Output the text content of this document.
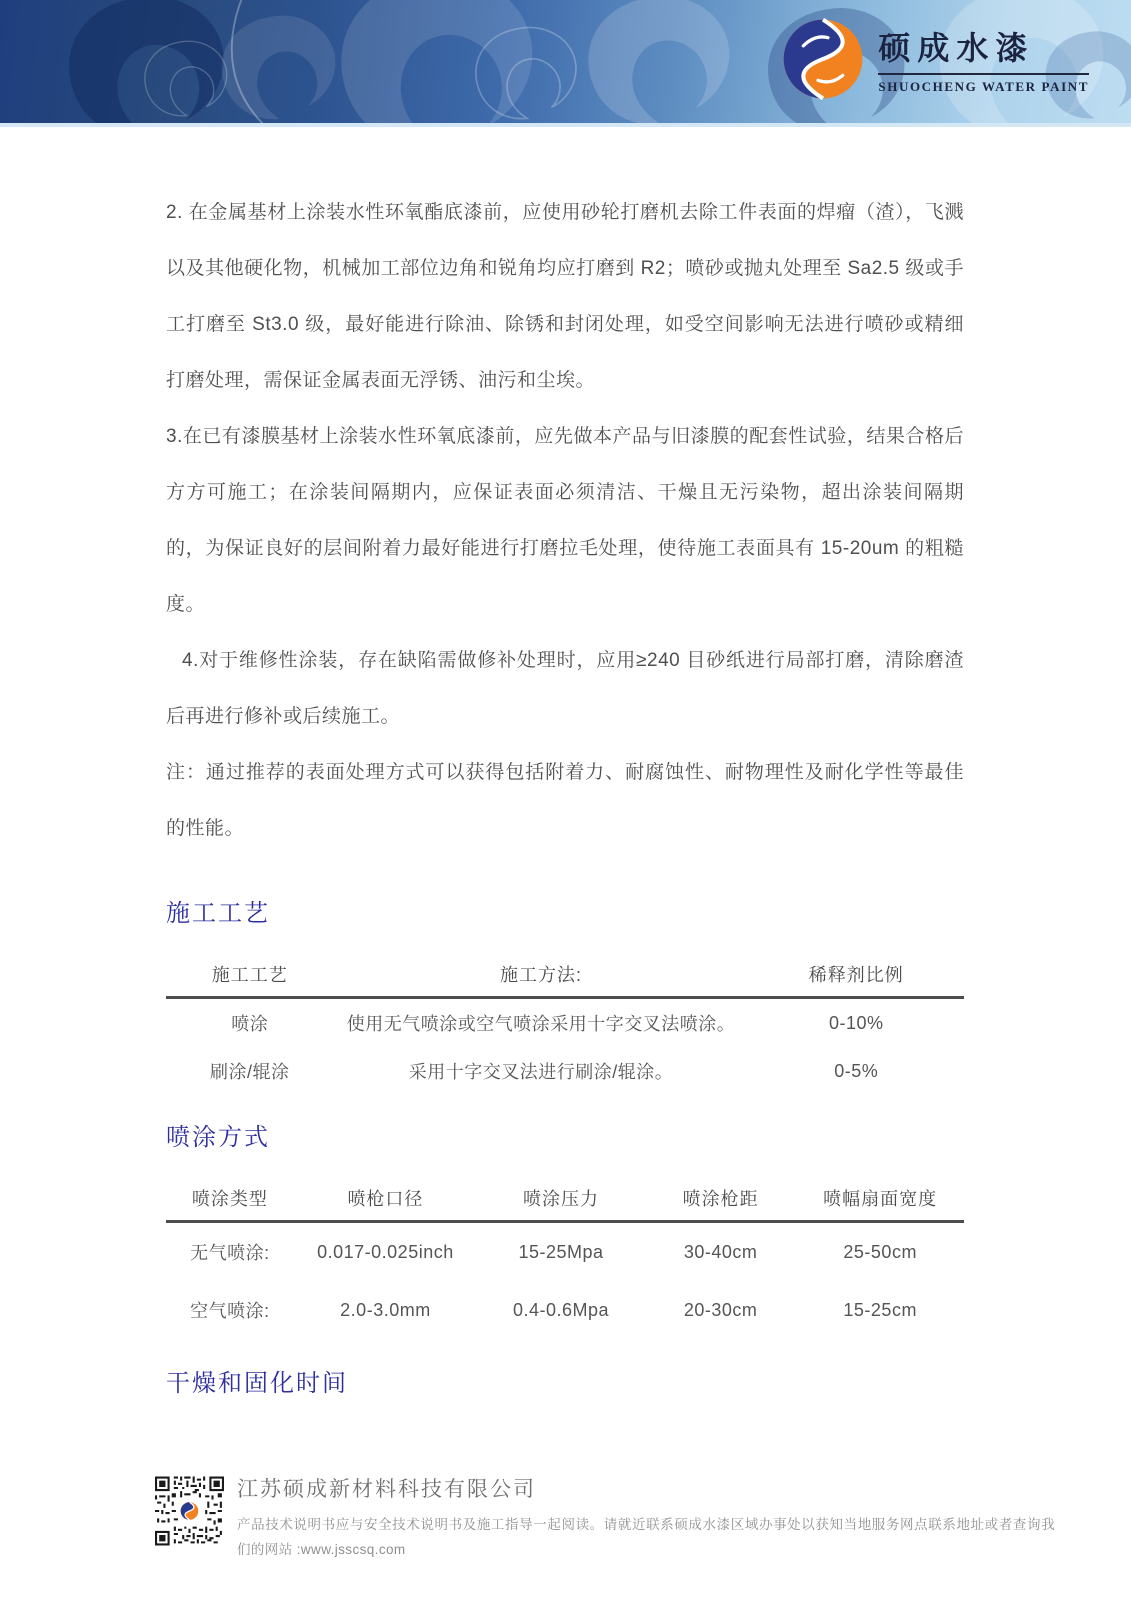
硕成水漆
SHUOCHENG WATER PAINT

2. 在金属基材上涂装水性环氧酯底漆前，应使用砂轮打磨机去除工件表面的焊瘤（渣），飞溅以及其他硬化物，机械加工部位边角和锐角均应打磨到 R2；喷砂或抛丸处理至 Sa2.5 级或手工打磨至 St3.0 级，最好能进行除油、除锈和封闭处理，如受空间影响无法进行喷砂或精细打磨处理，需保证金属表面无浮锈、油污和尘埃。

3.在已有漆膜基材上涂装水性环氧底漆前，应先做本产品与旧漆膜的配套性试验，结果合格后方方可施工；在涂装间隔期内，应保证表面必须清洁、干燥且无污染物，超出涂装间隔期的，为保证良好的层间附着力最好能进行打磨拉毛处理，使待施工表面具有 15-20um 的粗糙度。

4.对于维修性涂装，存在缺陷需做修补处理时，应用≥240 目砂纸进行局部打磨，清除磨渣后再进行修补或后续施工。

注：通过推荐的表面处理方式可以获得包括附着力、耐腐蚀性、耐物理性及耐化学性等最佳的性能。

施工工艺
施工工艺	施工方法:	稀释剂比例
喷涂	使用无气喷涂或空气喷涂采用十字交叉法喷涂。	0-10%
刷涂/辊涂	采用十字交叉法进行刷涂/辊涂。	0-5%
喷涂方式
喷涂类型	喷枪口径	喷涂压力	喷涂枪距	喷幅扇面宽度
无气喷涂:	0.017-0.025inch	15-25Mpa	30-40cm	25-50cm
空气喷涂:	2.0-3.0mm	0.4-0.6Mpa	20-30cm	15-25cm
干燥和固化时间
江苏硕成新材料科技有限公司

产品技术说明书应与安全技术说明书及施工指导一起阅读。请就近联系硕成水漆区域办事处以获知当地服务网点联系地址或者查询我们的网站 :www.jsscsq.com
